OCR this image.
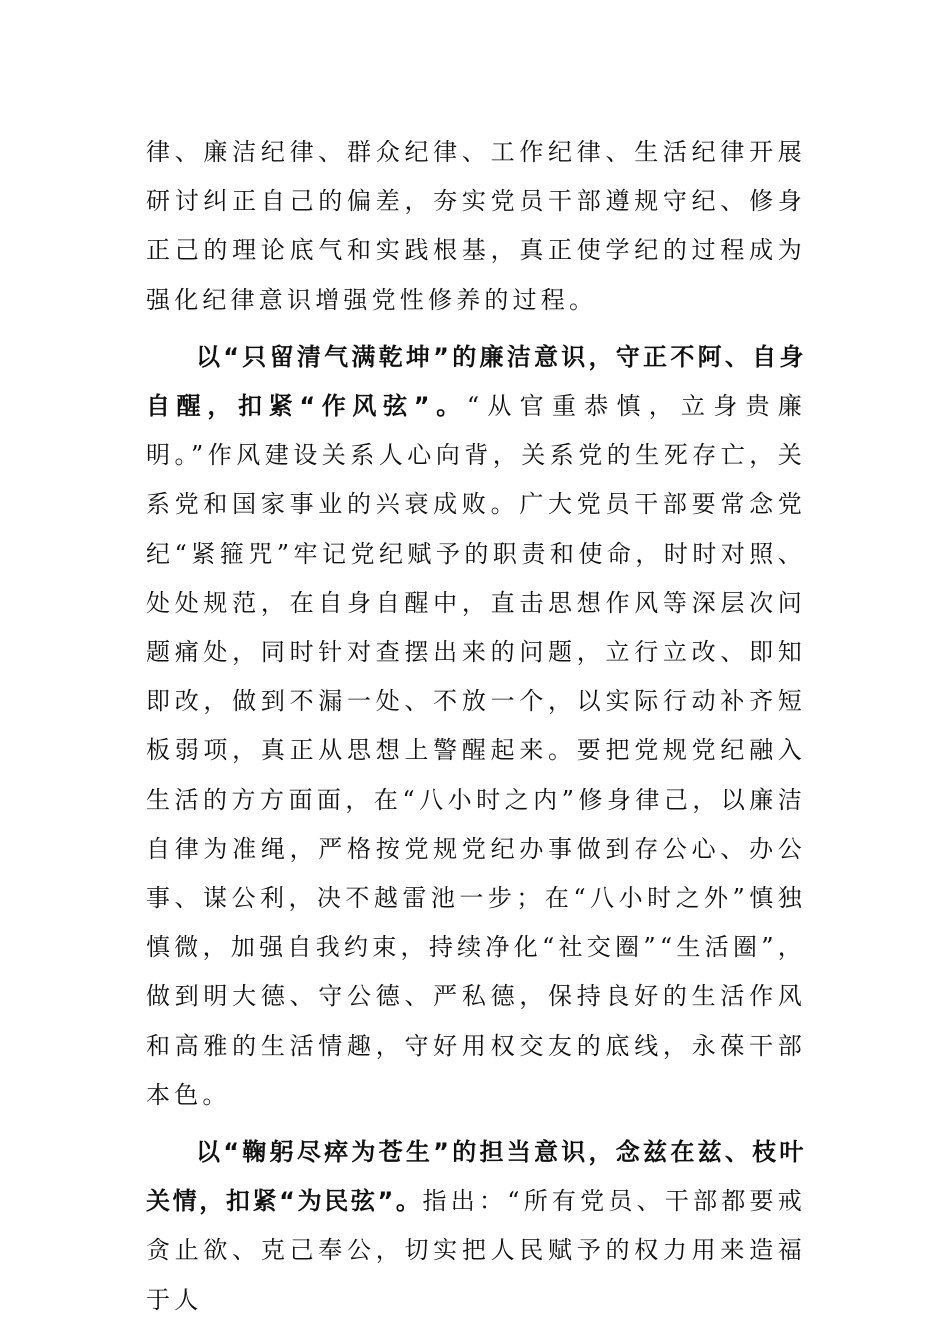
律、廉洁纪律、群众纪律、工作纪律、生活纪律开展研讨纠正自己的偏差，夯实党员干部遵规守纪、修身正己的理论底气和实践根基，真正使学纪的过程成为强化纪律意识增强党性修养的过程。

以“只留清气满乾坤”的廉洁意识，守正不阿、自身自醒，扣紧“作风弦”。“从官重恭慎，立身贵廉明。”作风建设关系人心向背，关系党的生死存亡，关系党和国家事业的兴衰成败。广大党员干部要常念党纪“紧箍咒”牢记党纪赋予的职责和使命，时时对照、处处规范，在自身自醒中，直击思想作风等深层次问题痛处，同时针对查摆出来的问题，立行立改、即知即改，做到不漏一处、不放一个，以实际行动补齐短板弱项，真正从思想上警醒起来。要把党规党纪融入生活的方方面面，在“八小时之内”修身律己，以廉洁自律为准绳，严格按党规党纪办事做到存公心、办公事、谋公利，决不越雷池一步；在“八小时之外”慎独慎微，加强自我约束，持续净化“社交圈”“生活圈”，做到明大德、守公德、严私德，保持良好的生活作风和高雅的生活情趣，守好用权交友的底线，永葆干部本色。

以“鞠躬尽瘁为苍生”的担当意识，念兹在兹、枝叶关情，扣紧“为民弦”。指出：“所有党员、干部都要戒贪止欲、克己奉公，切实把人民赋予的权力用来造福于人
